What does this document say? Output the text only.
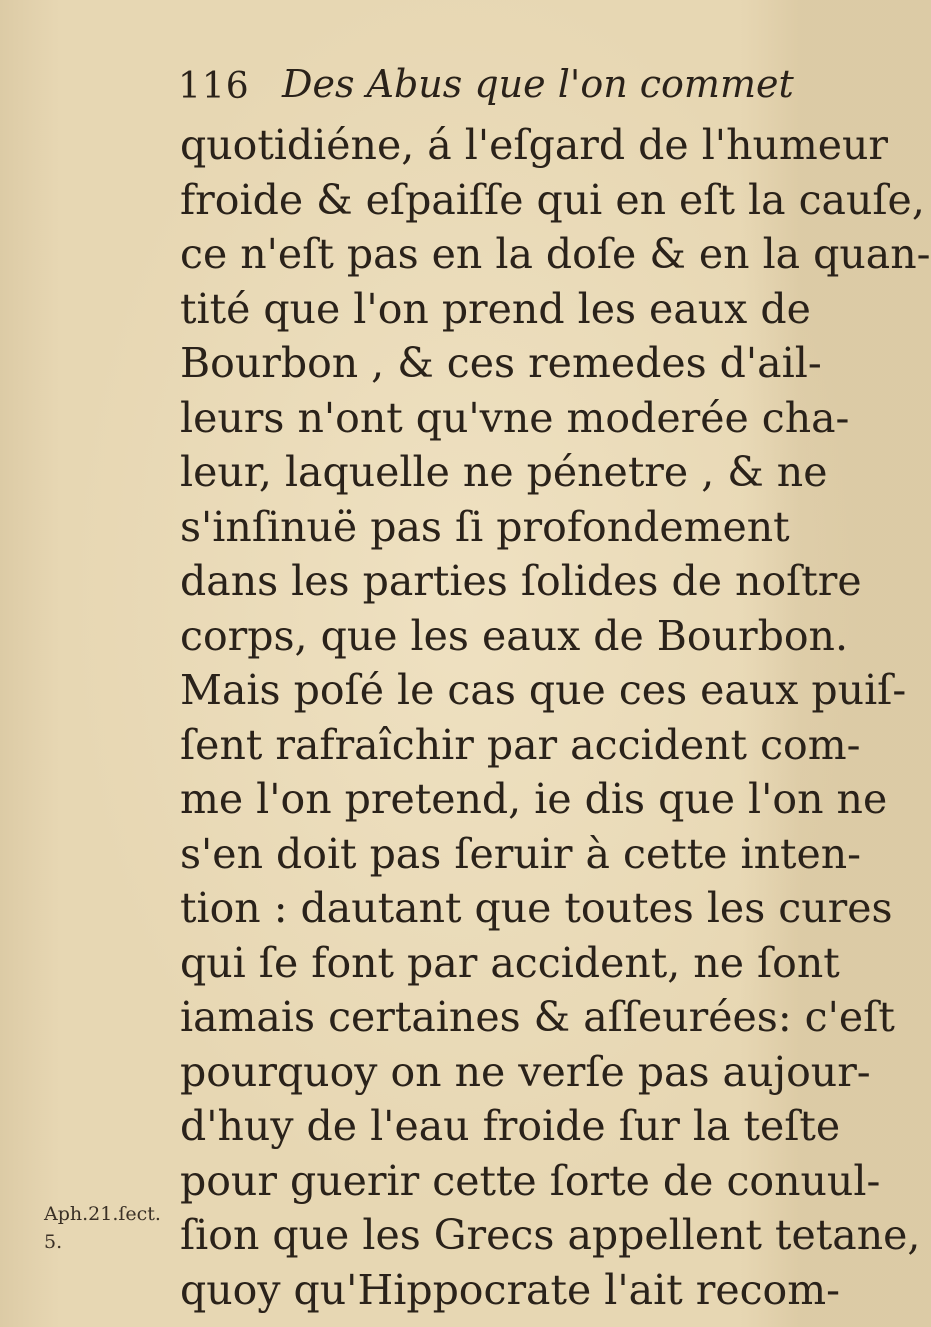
116 Des Abus que l'on commet
quotidiéne, á l'eſgard de l'humeur
froide & eſpaiſſe qui en eſt la cauſe,
ce n'eſt pas en la doſe & en la quan-
tité que l'on prend les eaux de
Bourbon , & ces remedes d'ail-
leurs n'ont qu'vne moderée cha-
leur, laquelle ne pénetre , & ne
s'inſinuë pas ſi profondement
dans les parties ſolides de noſtre
corps, que les eaux de Bourbon.
Mais poſé le cas que ces eaux puiſ-
ſent rafraîchir par accident com-
me l'on pretend, ie dis que l'on ne
s'en doit pas ſeruir à cette inten-
tion : dautant que toutes les cures
qui ſe font par accident, ne ſont
iamais certaines & aſſeurées: c'eſt
pourquoy on ne verſe pas aujour-
d'huy de l'eau froide ſur la teſte
pour guerir cette ſorte de conuul-
ſion que les Grecs appellent tetane,
quoy qu'Hippocrate l'ait recom-
Aph.21.ſect.
5.
